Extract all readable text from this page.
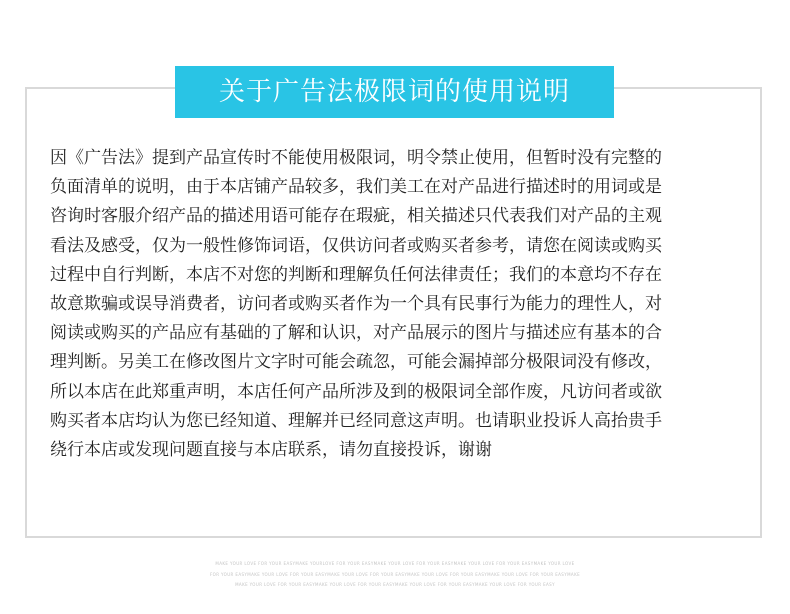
关于广告法极限词的使用说明
因《广告法》提到产品宣传时不能使用极限词，明令禁止使用，但暂时没有完整的
负面清单的说明，由于本店铺产品较多，我们美工在对产品进行描述时的用词或是
咨询时客服介绍产品的描述用语可能存在瑕疵，相关描述只代表我们对产品的主观
看法及感受，仅为一般性修饰词语，仅供访问者或购买者参考，请您在阅读或购买
过程中自行判断，本店不对您的判断和理解负任何法律责任；我们的本意均不存在
故意欺骗或误导消费者，访问者或购买者作为一个具有民事行为能力的理性人，对
阅读或购买的产品应有基础的了解和认识，对产品展示的图片与描述应有基本的合
理判断。另美工在修改图片文字时可能会疏忽，可能会漏掉部分极限词没有修改，
所以本店在此郑重声明，本店任何产品所涉及到的极限词全部作废，凡访问者或欲
购买者本店均认为您已经知道、理解并已经同意这声明。也请职业投诉人高抬贵手
绕行本店或发现问题直接与本店联系，请勿直接投诉，谢谢
MAKE YOUR LOVE FOR YOUR EASYMAKE YOURLOVE FOR YOUR EASYMAKE YOUR LOVE FOR YOUR EASYMAKE YOUR LOVE FOR YOUR EASYMAKE YOUR LOVE
FOR YOUR EASYMAKE YOUR LOVE FOR YOUR EASYMAKE YOUR LOVE FOR YOUR EASYMAKE YOUR LOVE FOR YOUR EASYMAKE YOUR LOVE FOR YOUR EASYMAKE
MAKE YOUR LOVE FOR YOUR EASYMAKE YOUR LOVE FOR YOUR EASYMAKE YOUR LOVE FOR YOUR EASYMAKE YOUR LOVE FOR YOUR EASY
